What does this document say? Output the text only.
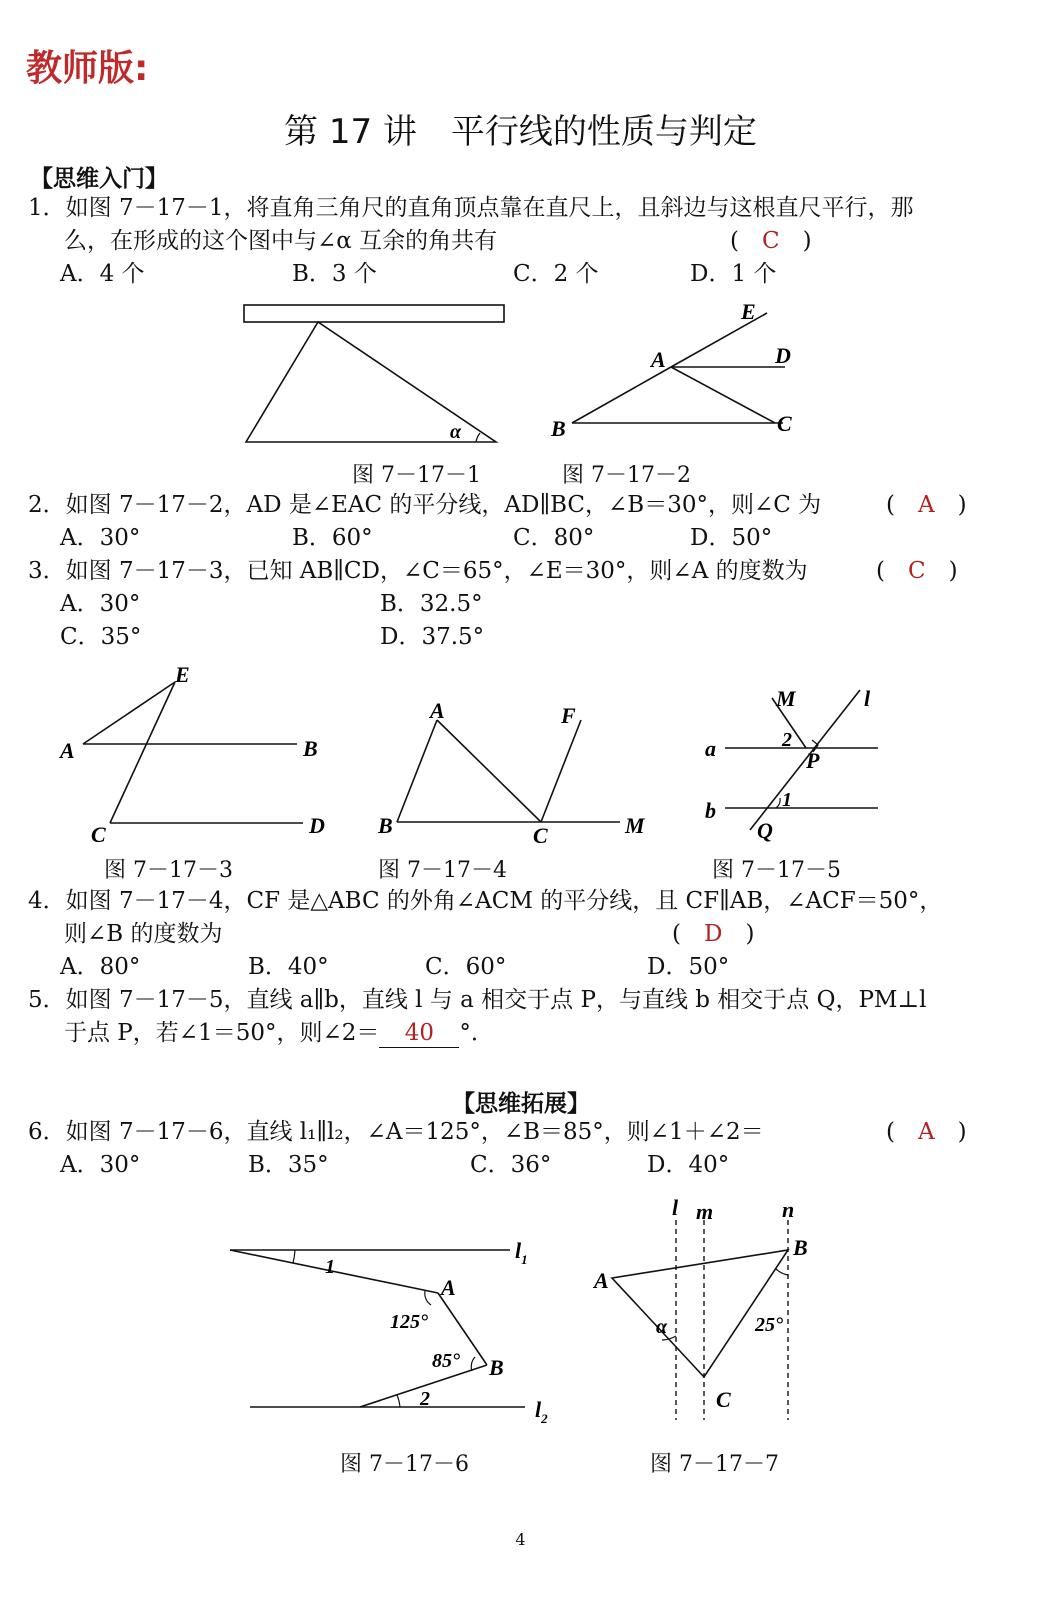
教师版:
第 17 讲　平行线的性质与判定
【思维入门】
1．如图 7－17－1，将直角三角尺的直角顶点靠在直尺上，且斜边与这根直尺平行，那
么，在形成的这个图中与∠α 互余的角共有	(　C　)
A．4 个	B．3 个	C．2 个	D．1 个
α
图 7－17－1
B
A
C
D
E
图 7－17－2
2．如图 7－17－2，AD 是∠EAC 的平分线，AD∥BC，∠B＝30°，则∠C 为	(　A　)
A．30°	B．60°	C．80°	D．50°
3．如图 7－17－3，已知 AB∥CD，∠C＝65°，∠E＝30°，则∠A 的度数为	(　C　)
A．30°	B．32.5°
C．35°	D．37.5°
A
E
B
C	D
图 7－17－3
A	F
B	C	M
图 7－17－4
M	l
a
b
P
Q
1
2
图 7－17－5
4．如图 7－17－4，CF 是△ABC 的外角∠ACM 的平分线，且 CF∥AB，∠ACF＝50°，
则∠B 的度数为	(　D　)
A．80°	B．40°	C．60°	D．50°
5．如图 7－17－5，直线 a∥b，直线 l 与 a 相交于点 P，与直线 b 相交于点 Q，PM⊥l
于点 P，若∠1＝50°，则∠2＝ 40 °．
【思维拓展】
6．如图 7－17－6，直线 l₁∥l₂，∠A＝125°，∠B＝85°，则∠1＋∠2＝	(　A　)
A．30°	B．35°	C．36°	D．40°
$l_1$
$l_2$
A
B
1
2
125°
85°
图 7－17－6
l m	n
A
B
C
α	25°
图 7－17－7
4
